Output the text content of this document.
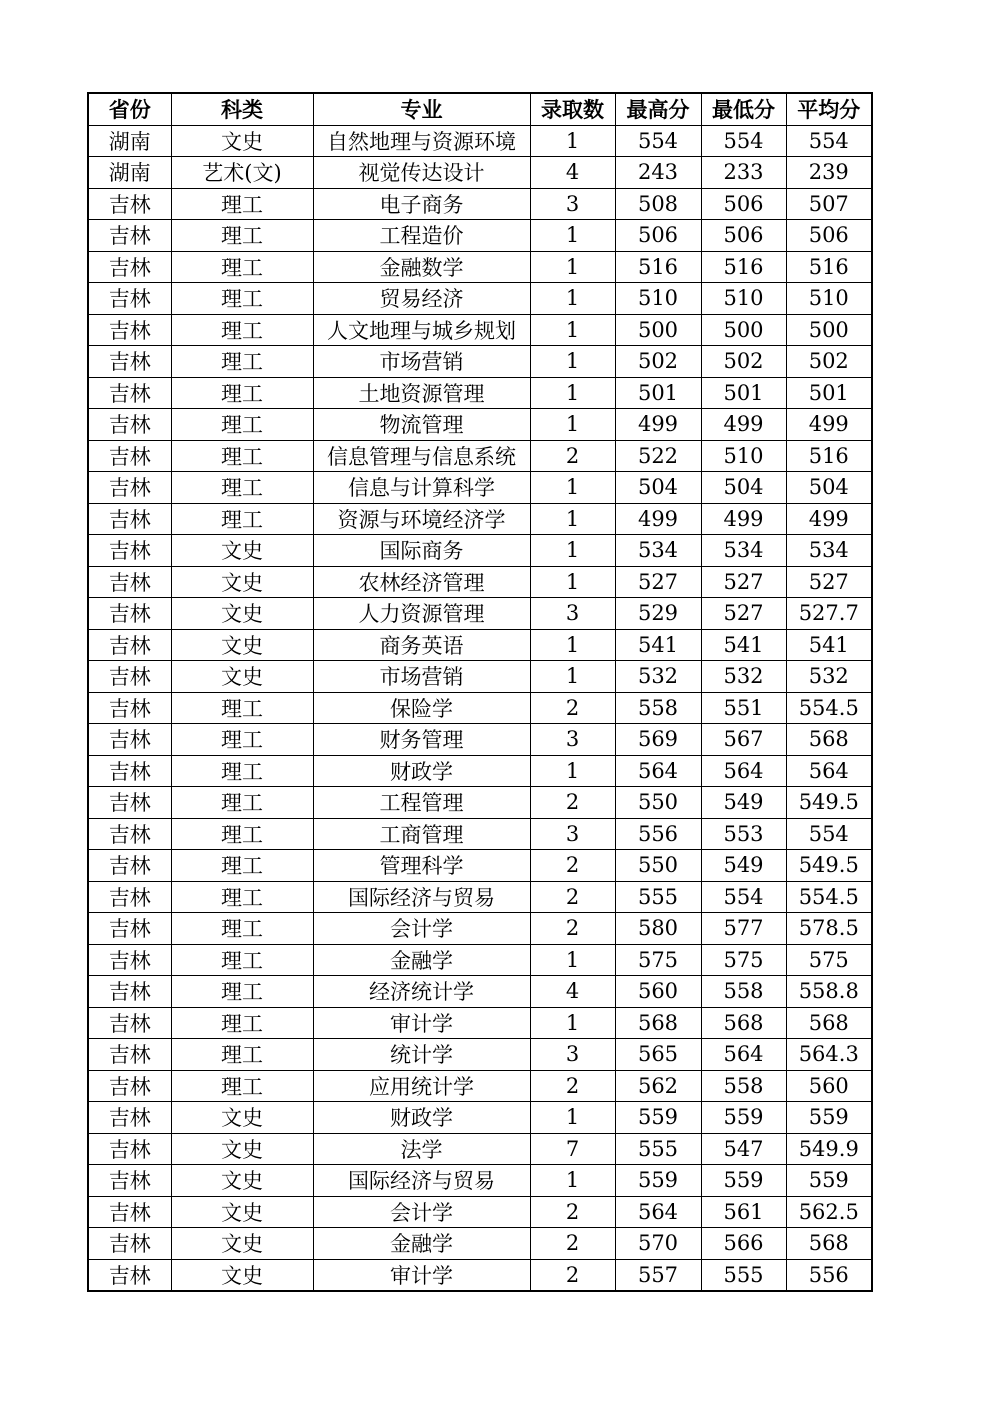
省份	科类	专业	录取数	最高分	最低分	平均分
湖南	文史	自然地理与资源环境	1	554	554	554
湖南	艺术(文)	视觉传达设计	4	243	233	239
吉林	理工	电子商务	3	508	506	507
吉林	理工	工程造价	1	506	506	506
吉林	理工	金融数学	1	516	516	516
吉林	理工	贸易经济	1	510	510	510
吉林	理工	人文地理与城乡规划	1	500	500	500
吉林	理工	市场营销	1	502	502	502
吉林	理工	土地资源管理	1	501	501	501
吉林	理工	物流管理	1	499	499	499
吉林	理工	信息管理与信息系统	2	522	510	516
吉林	理工	信息与计算科学	1	504	504	504
吉林	理工	资源与环境经济学	1	499	499	499
吉林	文史	国际商务	1	534	534	534
吉林	文史	农林经济管理	1	527	527	527
吉林	文史	人力资源管理	3	529	527	527.7
吉林	文史	商务英语	1	541	541	541
吉林	文史	市场营销	1	532	532	532
吉林	理工	保险学	2	558	551	554.5
吉林	理工	财务管理	3	569	567	568
吉林	理工	财政学	1	564	564	564
吉林	理工	工程管理	2	550	549	549.5
吉林	理工	工商管理	3	556	553	554
吉林	理工	管理科学	2	550	549	549.5
吉林	理工	国际经济与贸易	2	555	554	554.5
吉林	理工	会计学	2	580	577	578.5
吉林	理工	金融学	1	575	575	575
吉林	理工	经济统计学	4	560	558	558.8
吉林	理工	审计学	1	568	568	568
吉林	理工	统计学	3	565	564	564.3
吉林	理工	应用统计学	2	562	558	560
吉林	文史	财政学	1	559	559	559
吉林	文史	法学	7	555	547	549.9
吉林	文史	国际经济与贸易	1	559	559	559
吉林	文史	会计学	2	564	561	562.5
吉林	文史	金融学	2	570	566	568
吉林	文史	审计学	2	557	555	556
